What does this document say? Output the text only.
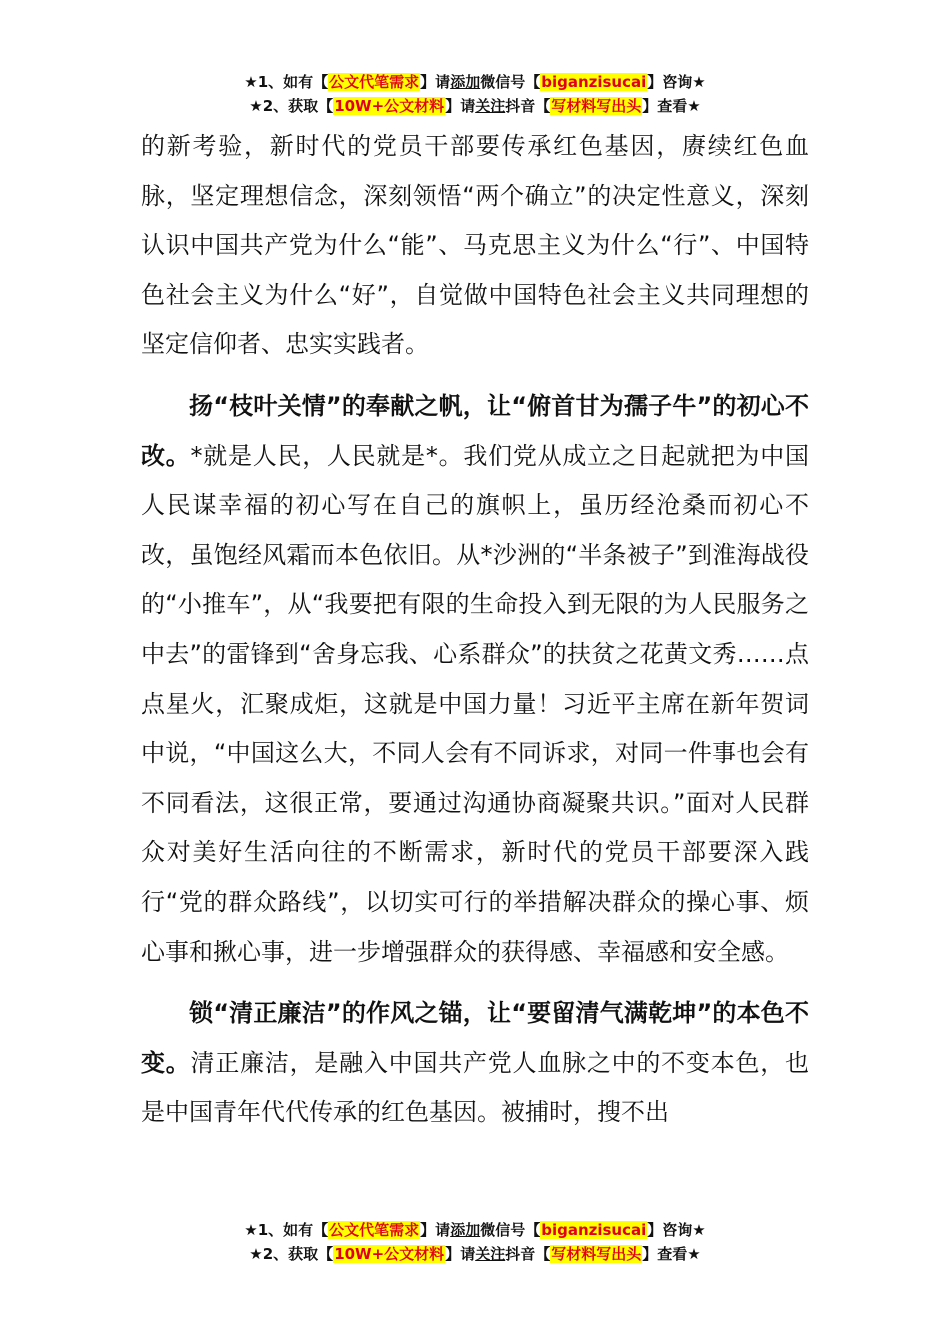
★1、如有【公文代笔需求】请添加微信号【biganzisucai】咨询★
★2、获取【10W+公文材料】请关注抖音【写材料写出头】查看★

的新考验，新时代的党员干部要传承红色基因，赓续红色血脉，坚定理想信念，深刻领悟“两个确立”的决定性意义，深刻认识中国共产党为什么“能”、马克思主义为什么“行”、中国特色社会主义为什么“好”，自觉做中国特色社会主义共同理想的坚定信仰者、忠实实践者。

扬“枝叶关情”的奉献之帆，让“俯首甘为孺子牛”的初心不改。*就是人民，人民就是*。我们党从成立之日起就把为中国人民谋幸福的初心写在自己的旗帜上，虽历经沧桑而初心不改，虽饱经风霜而本色依旧。从*沙洲的“半条被子”到淮海战役的“小推车”，从“我要把有限的生命投入到无限的为人民服务之中去”的雷锋到“舍身忘我、心系群众”的扶贫之花黄文秀……点点星火，汇聚成炬，这就是中国力量！习近平主席在新年贺词中说，“中国这么大，不同人会有不同诉求，对同一件事也会有不同看法，这很正常，要通过沟通协商凝聚共识。”面对人民群众对美好生活向往的不断需求，新时代的党员干部要深入践行“党的群众路线”，以切实可行的举措解决群众的操心事、烦心事和揪心事，进一步增强群众的获得感、幸福感和安全感。

锁“清正廉洁”的作风之锚，让“要留清气满乾坤”的本色不变。清正廉洁，是融入中国共产党人血脉之中的不变本色，也是中国青年代代传承的红色基因。被捕时，搜不出

★1、如有【公文代笔需求】请添加微信号【biganzisucai】咨询★
★2、获取【10W+公文材料】请关注抖音【写材料写出头】查看★
